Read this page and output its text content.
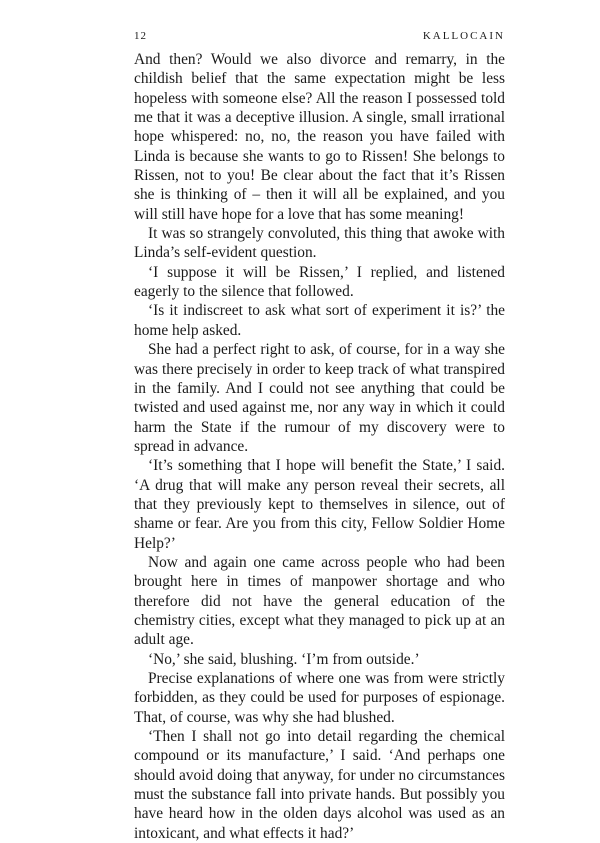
12	KALLOCAIN

And then? Would we also divorce and remarry, in the childish belief that the same expectation might be less hopeless with someone else? All the reason I possessed told me that it was a deceptive illusion. A single, small irrational hope whispered: no, no, the reason you have failed with Linda is because she wants to go to Rissen! She belongs to Rissen, not to you! Be clear about the fact that it’s Rissen she is thinking of – then it will all be explained, and you will still have hope for a love that has some meaning!

It was so strangely convoluted, this thing that awoke with Linda’s self-evident question.

‘I suppose it will be Rissen,’ I replied, and listened eagerly to the silence that followed.

‘Is it indiscreet to ask what sort of experiment it is?’ the home help asked.

She had a perfect right to ask, of course, for in a way she was there precisely in order to keep track of what transpired in the family. And I could not see anything that could be twisted and used against me, nor any way in which it could harm the State if the rumour of my discovery were to spread in advance.

‘It’s something that I hope will benefit the State,’ I said. ‘A drug that will make any person reveal their secrets, all that they previously kept to themselves in silence, out of shame or fear. Are you from this city, Fellow Soldier Home Help?’

Now and again one came across people who had been brought here in times of manpower shortage and who therefore did not have the general education of the chemistry cities, except what they managed to pick up at an adult age.

‘No,’ she said, blushing. ‘I’m from outside.’

Precise explanations of where one was from were strictly forbidden, as they could be used for purposes of espionage. That, of course, was why she had blushed.

‘Then I shall not go into detail regarding the chemical compound or its manufacture,’ I said. ‘And perhaps one should avoid doing that anyway, for under no circumstances must the substance fall into private hands. But possibly you have heard how in the olden days alcohol was used as an intoxicant, and what effects it had?’
